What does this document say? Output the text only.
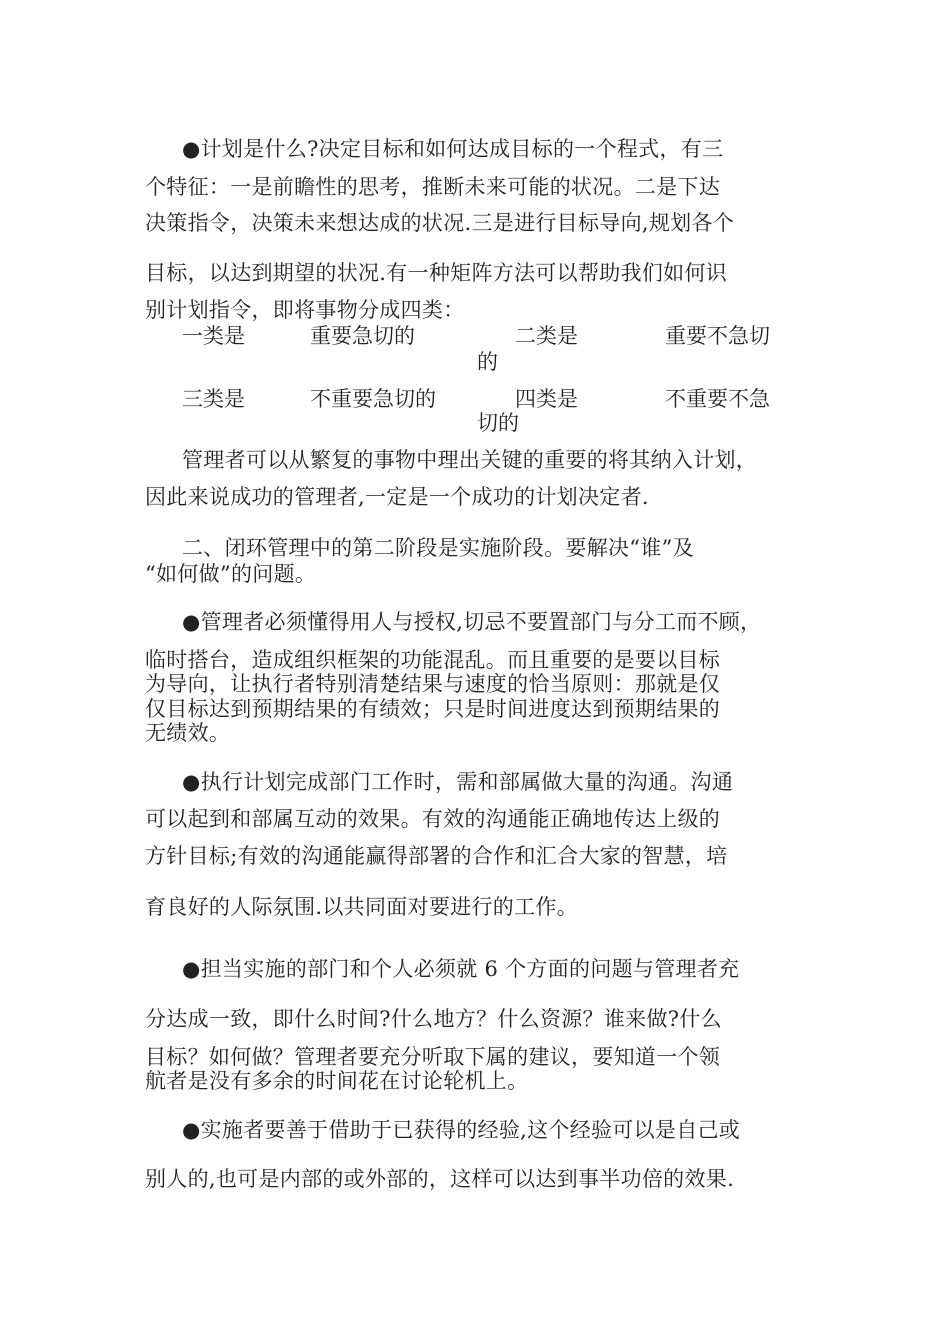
●计划是什么?决定目标和如何达成目标的一个程式，有三
个特征：一是前瞻性的思考，推断未来可能的状况。二是下达
决策指令，决策未来想达成的状况.三是进行目标导向,规划各个
目标，以达到期望的状况.有一种矩阵方法可以帮助我们如何识
别计划指令，即将事物分成四类：
一类是	重要急切的	二类是	重要不急切
的
三类是	不重要急切的	四类是	不重要不急
切的
管理者可以从繁复的事物中理出关键的重要的将其纳入计划，
因此来说成功的管理者,一定是一个成功的计划决定者.
二、闭环管理中的第二阶段是实施阶段。要解决“谁”及
“如何做”的问题。
●管理者必须懂得用人与授权,切忌不要置部门与分工而不顾，
临时搭台，造成组织框架的功能混乱。而且重要的是要以目标
为导向，让执行者特别清楚结果与速度的恰当原则：那就是仅
仅目标达到预期结果的有绩效；只是时间进度达到预期结果的
无绩效。
●执行计划完成部门工作时，需和部属做大量的沟通。沟通
可以起到和部属互动的效果。有效的沟通能正确地传达上级的
方针目标;有效的沟通能赢得部署的合作和汇合大家的智慧，培
育良好的人际氛围.以共同面对要进行的工作。
●担当实施的部门和个人必须就 6 个方面的问题与管理者充
分达成一致，即什么时间?什么地方？什么资源？谁来做?什么
目标？如何做？管理者要充分听取下属的建议，要知道一个领
航者是没有多余的时间花在讨论轮机上。
●实施者要善于借助于已获得的经验,这个经验可以是自己或
别人的,也可是内部的或外部的，这样可以达到事半功倍的效果.
